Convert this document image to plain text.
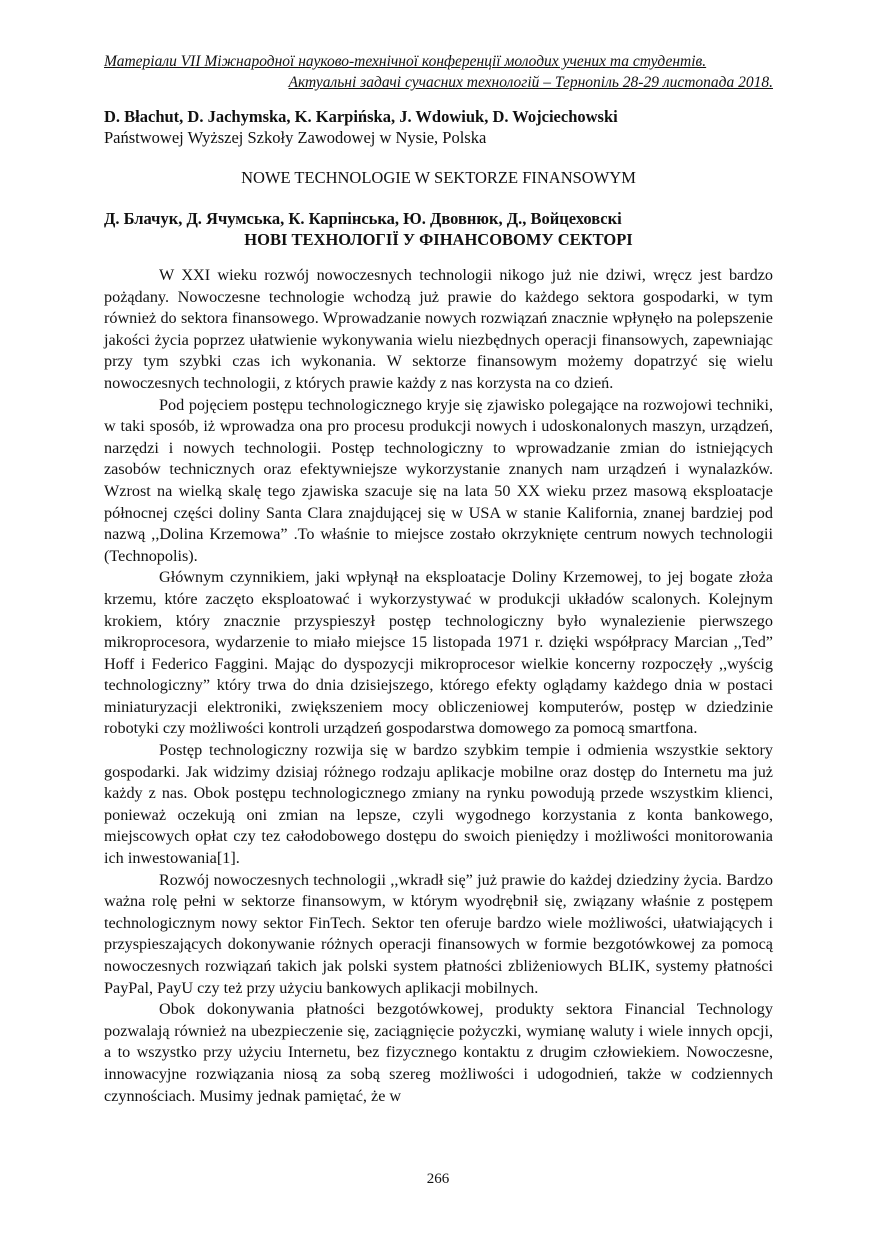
Матеріали VII Міжнародної науково-технічної конференції молодих учених та студентів.
Актуальні задачі сучасних технологій – Тернопіль 28-29 листопада 2018.
D. Błachut, D. Jachymska, K. Karpińska, J. Wdowiuk, D. Wojciechowski
Państwowej Wyższej Szkoły Zawodowej w Nysie, Polska
NOWE TECHNOLOGIE W SEKTORZE FINANSOWYM
Д. Блачук, Д. Ячумська, К. Карпінська, Ю. Двовнюк, Д., Войцеховскі
НОВІ ТЕХНОЛОГІЇ У ФІНАНСОВОМУ СЕКТОРІ

W XXI wieku rozwój nowoczesnych technologii nikogo już nie dziwi, wręcz jest bardzo pożądany. Nowoczesne technologie wchodzą już prawie do każdego sektora gospodarki, w tym również do sektora finansowego. Wprowadzanie nowych rozwiązań znacznie wpłynęło na polepszenie jakości życia poprzez ułatwienie wykonywania wielu niezbędnych operacji finansowych, zapewniając przy tym szybki czas ich wykonania. W sektorze finansowym możemy dopatrzyć się wielu nowoczesnych technologii, z których prawie każdy z nas korzysta na co dzień.

Pod pojęciem postępu technologicznego kryje się zjawisko polegające na rozwojowi techniki, w taki sposób, iż wprowadza ona pro procesu produkcji nowych i udoskonalonych maszyn, urządzeń, narzędzi i nowych technologii. Postęp technologiczny to wprowadzanie zmian do istniejących zasobów technicznych oraz efektywniejsze wykorzystanie znanych nam urządzeń i wynalazków. Wzrost na wielką skalę tego zjawiska szacuje się na lata 50 XX wieku przez masową eksploatacje północnej części doliny Santa Clara znajdującej się w USA w stanie Kalifornia, znanej bardziej pod nazwą ,,Dolina Krzemowa” .To właśnie to miejsce zostało okrzyknięte centrum nowych technologii (Technopolis).

Głównym czynnikiem, jaki wpłynął na eksploatacje Doliny Krzemowej, to jej bogate złoża krzemu, które zaczęto eksploatować i wykorzystywać w produkcji układów scalonych. Kolejnym krokiem, który znacznie przyspieszył postęp technologiczny było wynalezienie pierwszego mikroprocesora, wydarzenie to miało miejsce 15 listopada 1971 r. dzięki współpracy Marcian ,,Ted” Hoff i Federico Faggini. Mając do dyspozycji mikroprocesor wielkie koncerny rozpoczęły ,,wyścig technologiczny” który trwa do dnia dzisiejszego, którego efekty oglądamy każdego dnia w postaci miniaturyzacji elektroniki, zwiększeniem mocy obliczeniowej komputerów, postęp w dziedzinie robotyki czy możliwości kontroli urządzeń gospodarstwa domowego za pomocą smartfona.

Postęp technologiczny rozwija się w bardzo szybkim tempie i odmienia wszystkie sektory gospodarki. Jak widzimy dzisiaj różnego rodzaju aplikacje mobilne oraz dostęp do Internetu ma już każdy z nas. Obok postępu technologicznego zmiany na rynku powodują przede wszystkim klienci, ponieważ oczekują oni zmian na lepsze, czyli wygodnego korzystania z konta bankowego, miejscowych opłat czy tez całodobowego dostępu do swoich pieniędzy i możliwości monitorowania ich inwestowania[1].

Rozwój nowoczesnych technologii ,,wkradł się” już prawie do każdej dziedziny życia. Bardzo ważna rolę pełni w sektorze finansowym, w którym wyodrębnił się, związany właśnie z postępem technologicznym nowy sektor FinTech. Sektor ten oferuje bardzo wiele możliwości, ułatwiających i przyspieszających dokonywanie różnych operacji finansowych w formie bezgotówkowej za pomocą nowoczesnych rozwiązań takich jak polski system płatności zbliżeniowych BLIK, systemy płatności PayPal, PayU czy też przy użyciu bankowych aplikacji mobilnych.

Obok dokonywania płatności bezgotówkowej, produkty sektora Financial Technology pozwalają również na ubezpieczenie się, zaciągnięcie pożyczki, wymianę waluty i wiele innych opcji, a to wszystko przy użyciu Internetu, bez fizycznego kontaktu z drugim człowiekiem. Nowoczesne, innowacyjne rozwiązania niosą za sobą szereg możliwości i udogodnień, także w codziennych czynnościach. Musimy jednak pamiętać, że w

266
